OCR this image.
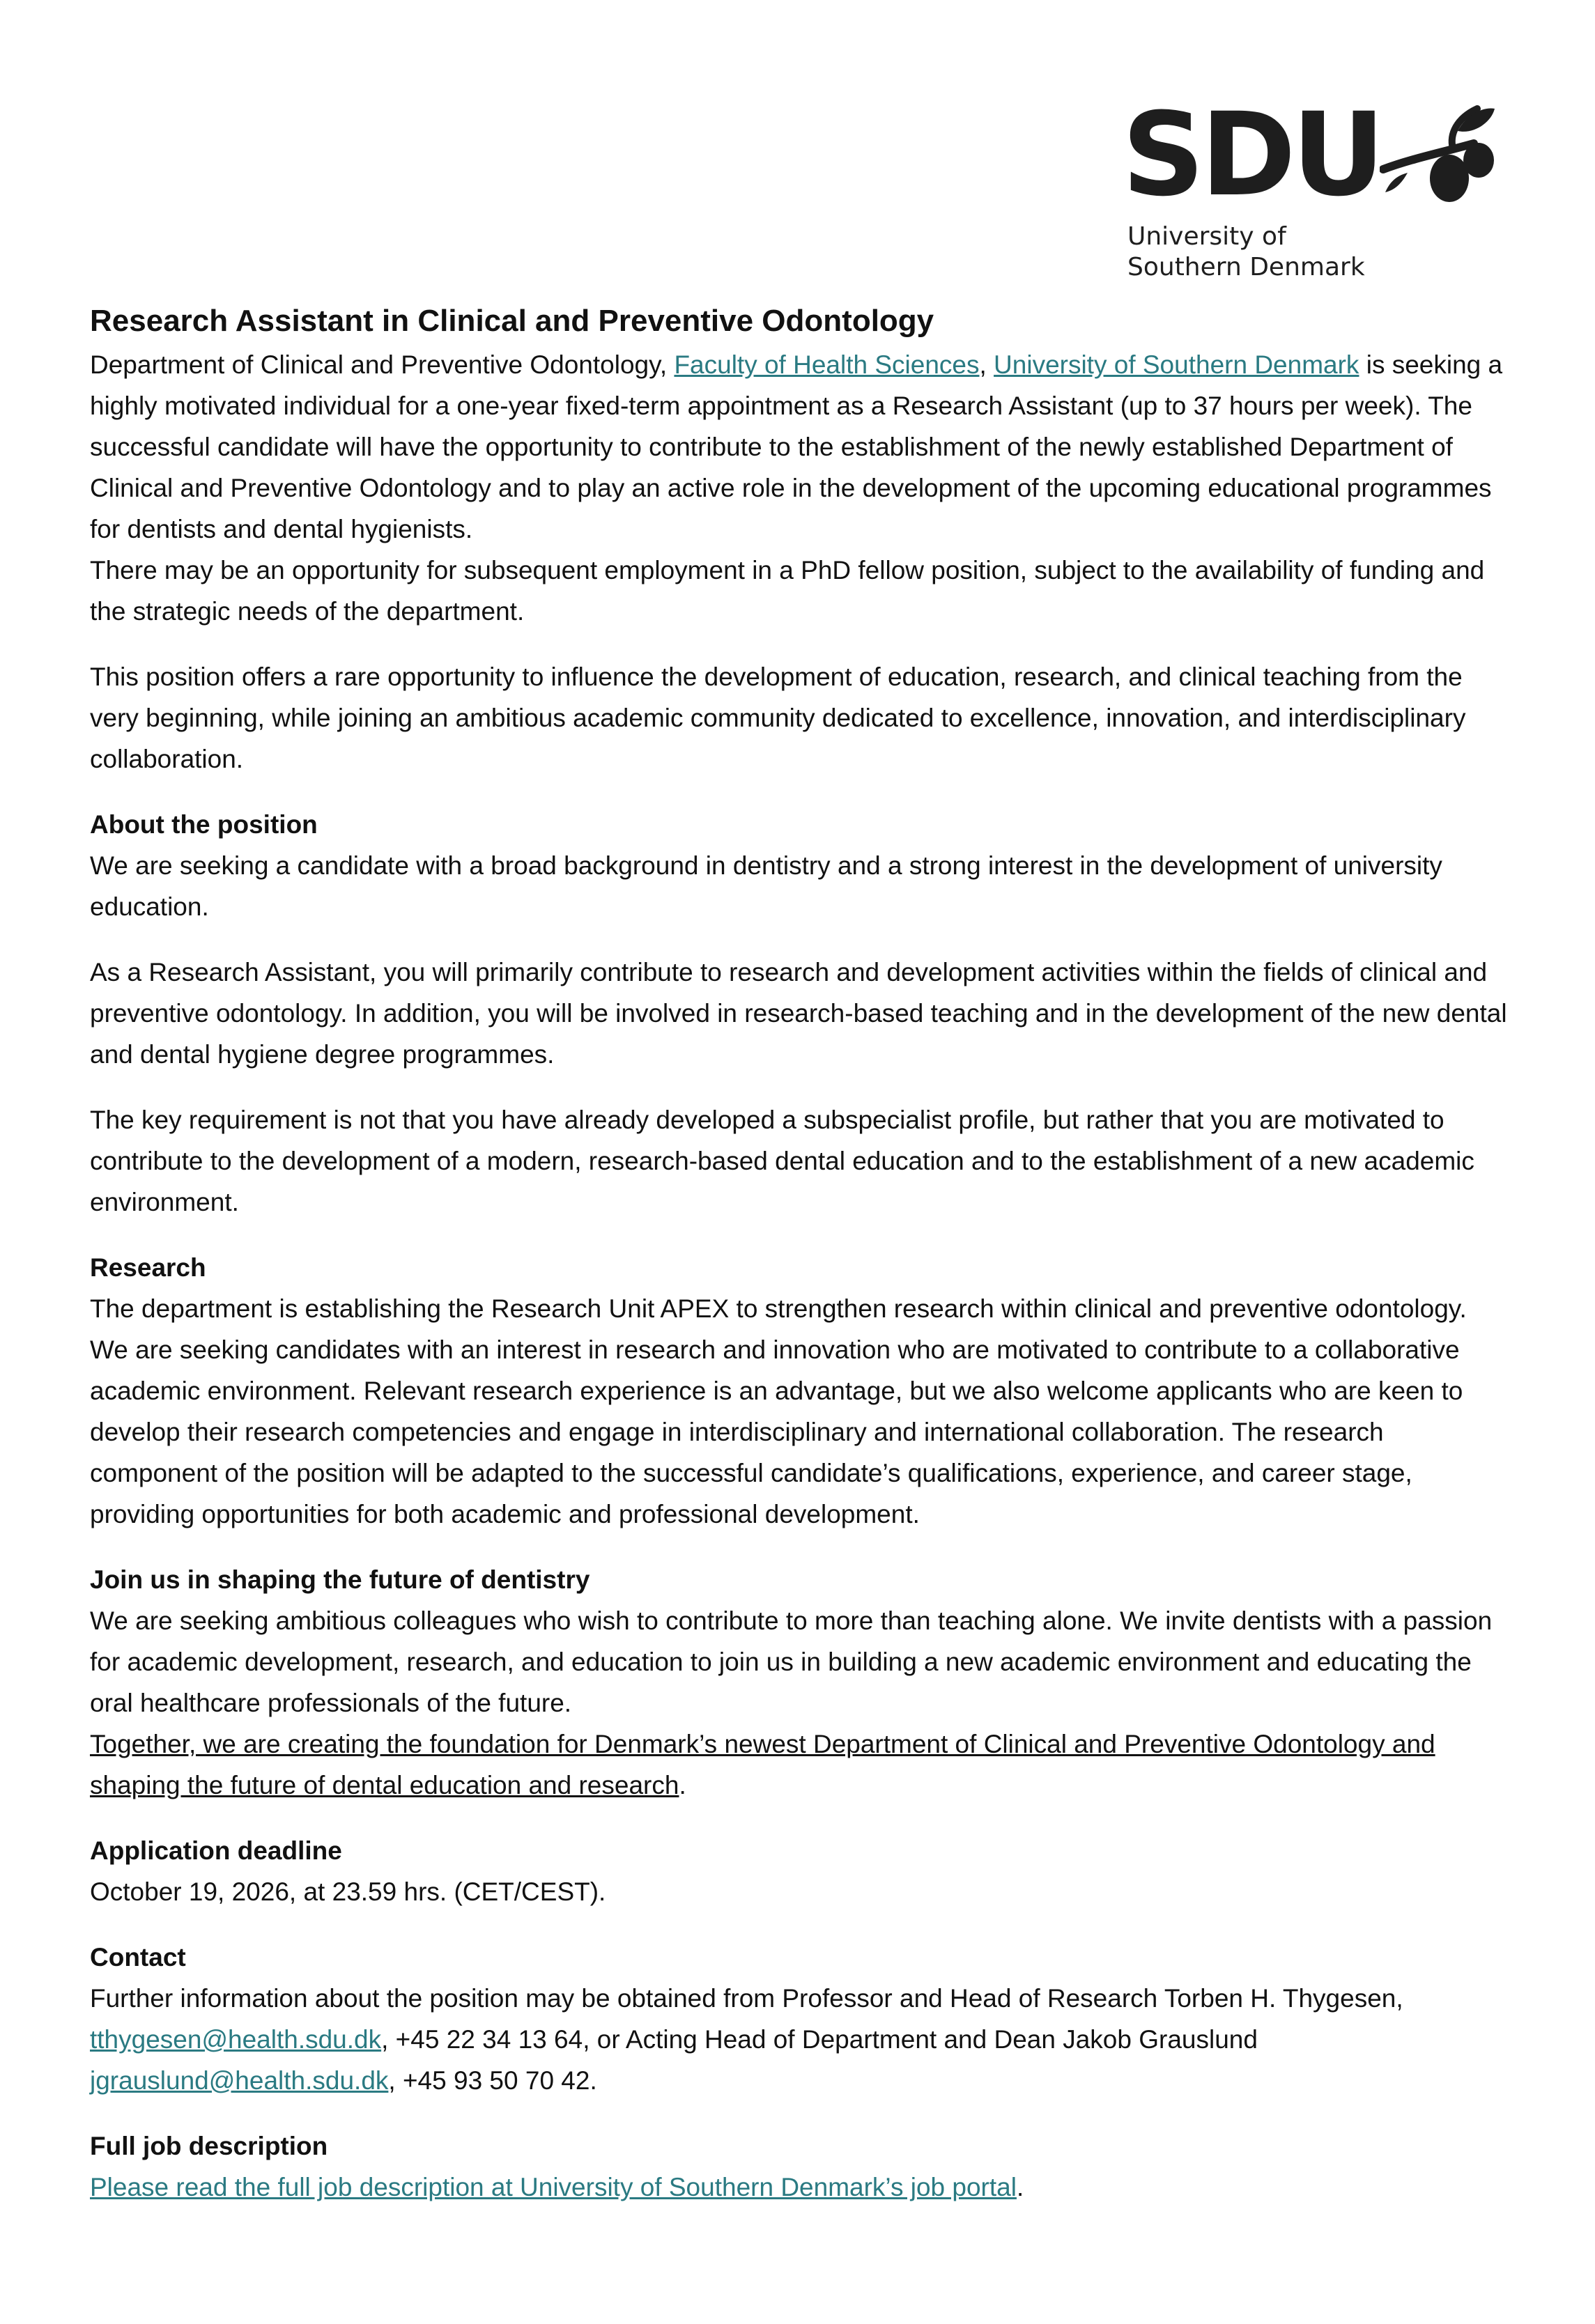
SDU
University of
Southern Denmark
Research Assistant in Clinical and Preventive Odontology

Department of Clinical and Preventive Odontology, Faculty of Health Sciences, University of Southern Denmark is seeking a highly motivated individual for a one-year fixed-term appointment as a Research Assistant (up to 37 hours per week). The successful candidate will have the opportunity to contribute to the establishment of the newly established Department of Clinical and Preventive Odontology and to play an active role in the development of the upcoming educational programmes for dentists and dental hygienists.

There may be an opportunity for subsequent employment in a PhD fellow position, subject to the availability of funding and the strategic needs of the department.

This position offers a rare opportunity to influence the development of education, research, and clinical teaching from the very beginning, while joining an ambitious academic community dedicated to excellence, innovation, and interdisciplinary collaboration.

About the position

We are seeking a candidate with a broad background in dentistry and a strong interest in the development of university education.

As a Research Assistant, you will primarily contribute to research and development activities within the fields of clinical and preventive odontology. In addition, you will be involved in research-based teaching and in the development of the new dental and dental hygiene degree programmes.

The key requirement is not that you have already developed a subspecialist profile, but rather that you are motivated to contribute to the development of a modern, research-based dental education and to the establishment of a new academic environment.

Research

The department is establishing the Research Unit APEX to strengthen research within clinical and preventive odontology. We are seeking candidates with an interest in research and innovation who are motivated to contribute to a collaborative academic environment. Relevant research experience is an advantage, but we also welcome applicants who are keen to develop their research competencies and engage in interdisciplinary and international collaboration. The research component of the position will be adapted to the successful candidate’s qualifications, experience, and career stage, providing opportunities for both academic and professional development.

Join us in shaping the future of dentistry

We are seeking ambitious colleagues who wish to contribute to more than teaching alone. We invite dentists with a passion for academic development, research, and education to join us in building a new academic environment and educating the oral healthcare professionals of the future.

Together, we are creating the foundation for Denmark’s newest Department of Clinical and Preventive Odontology and shaping the future of dental education and research.

Application deadline

October 19, 2026, at 23.59 hrs. (CET/CEST).

Contact

Further information about the position may be obtained from Professor and Head of Research Torben H. Thygesen, tthygesen@health.sdu.dk, +45 22 34 13 64, or Acting Head of Department and Dean Jakob Grauslund jgrauslund@health.sdu.dk, +45 93 50 70 42.

Full job description

Please read the full job description at University of Southern Denmark’s job portal.
